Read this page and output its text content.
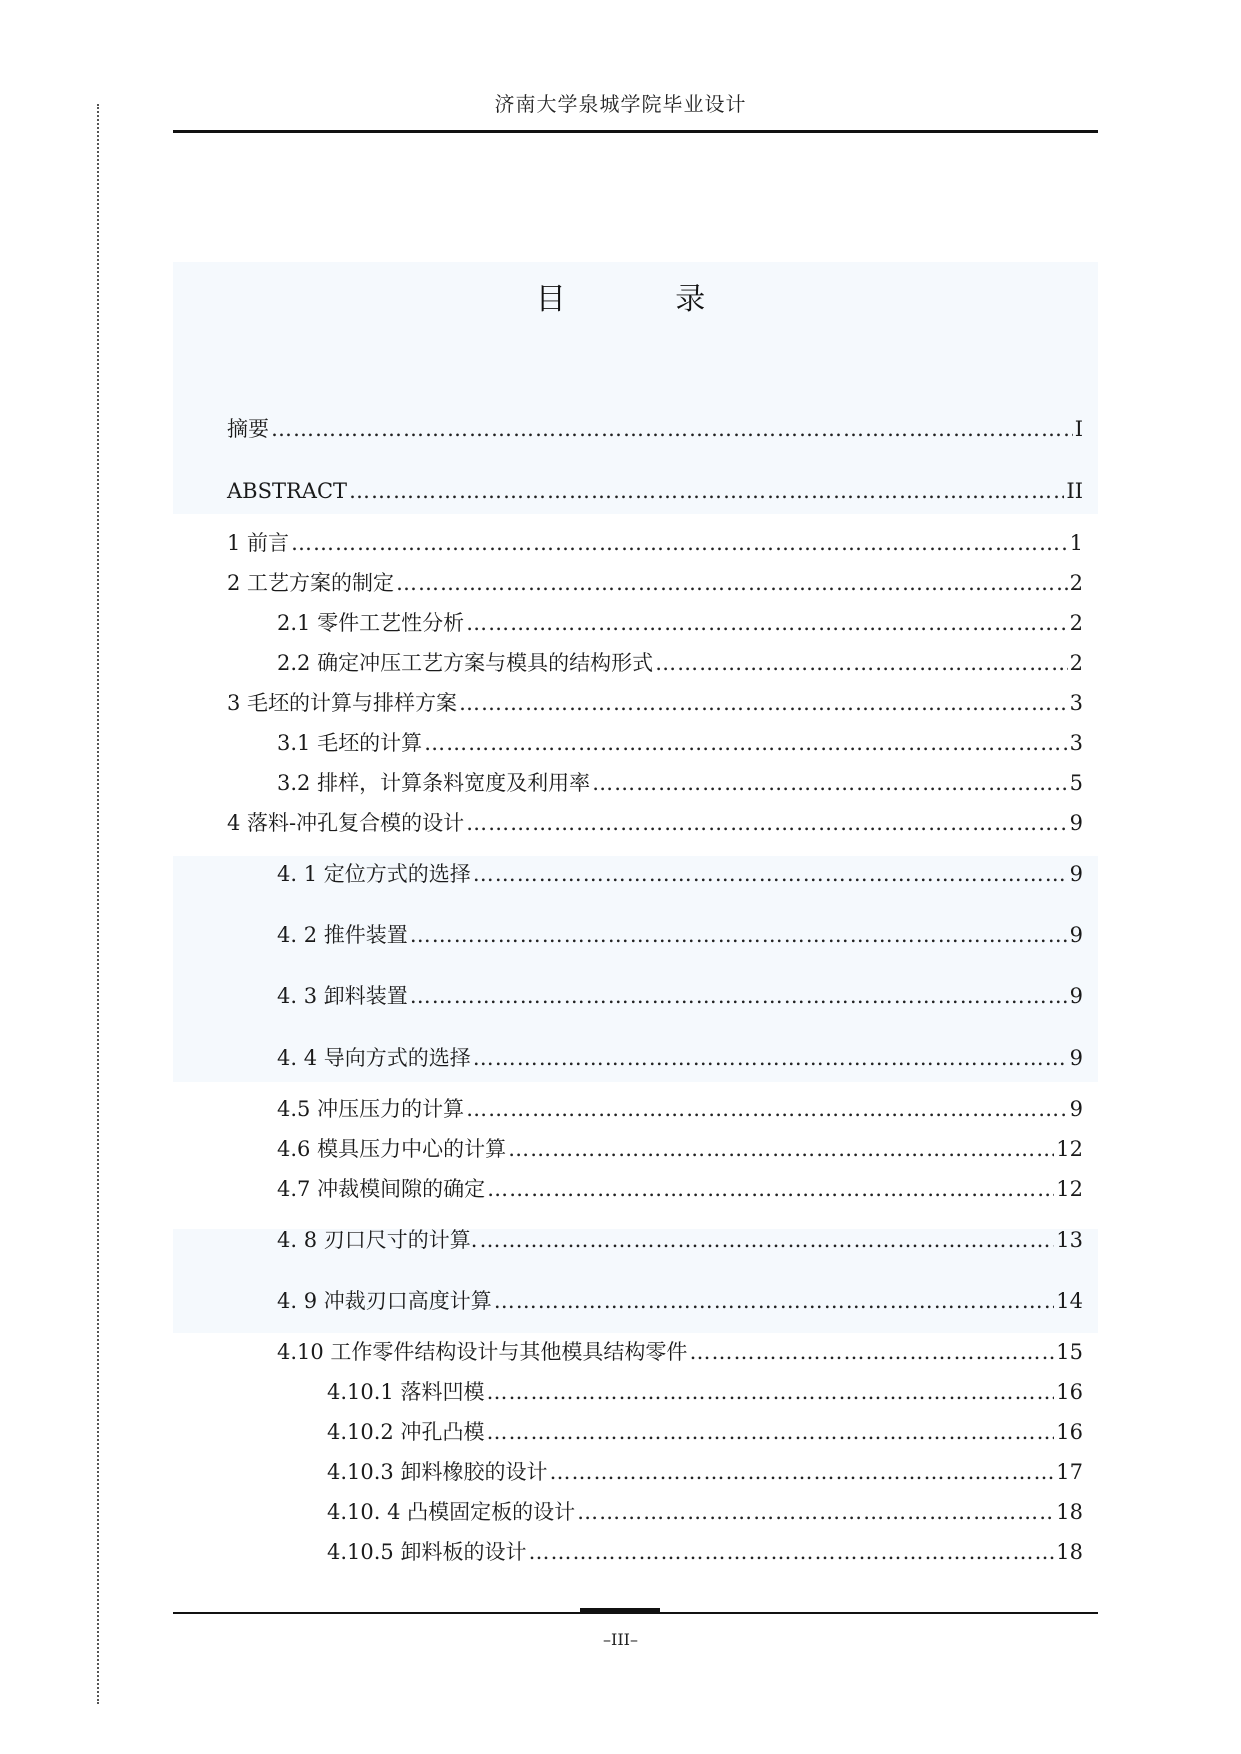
济南大学泉城学院毕业设计
目 录
摘要 …………………………………………………………………………………………………………………………………………………………………………………………………………………………………	I
ABSTRACT …………………………………………………………………………………………………………………………………………………………………………………………………………………………………	II
1 前言 …………………………………………………………………………………………………………………………………………………………………………………………………………………………………	1
2 工艺方案的制定 …………………………………………………………………………………………………………………………………………………………………………………………………………………………………	2
2.1 零件工艺性分析 …………………………………………………………………………………………………………………………………………………………………………………………………………………………………	2
2.2 确定冲压工艺方案与模具的结构形式 …………………………………………………………………………………………………………………………………………………………………………………………………………………………………	2
3 毛坯的计算与排样方案 …………………………………………………………………………………………………………………………………………………………………………………………………………………………………	3
3.1 毛坯的计算 …………………………………………………………………………………………………………………………………………………………………………………………………………………………………	3
3.2 排样，计算条料宽度及利用率 …………………………………………………………………………………………………………………………………………………………………………………………………………………………………	5
4 落料-冲孔复合模的设计 …………………………………………………………………………………………………………………………………………………………………………………………………………………………………	9
4. 1 定位方式的选择 …………………………………………………………………………………………………………………………………………………………………………………………………………………………………	9
4. 2 推件装置 …………………………………………………………………………………………………………………………………………………………………………………………………………………………………	9
4. 3 卸料装置 …………………………………………………………………………………………………………………………………………………………………………………………………………………………………	9
4. 4 导向方式的选择 …………………………………………………………………………………………………………………………………………………………………………………………………………………………………	9
4.5 冲压压力的计算 …………………………………………………………………………………………………………………………………………………………………………………………………………………………………	9
4.6 模具压力中心的计算 …………………………………………………………………………………………………………………………………………………………………………………………………………………………………	12
4.7 冲裁模间隙的确定 …………………………………………………………………………………………………………………………………………………………………………………………………………………………………	12
4. 8 刃口尺寸的计算. …………………………………………………………………………………………………………………………………………………………………………………………………………………………………	13
4. 9 冲裁刃口高度计算 …………………………………………………………………………………………………………………………………………………………………………………………………………………………………	14
4.10 工作零件结构设计与其他模具结构零件 …………………………………………………………………………………………………………………………………………………………………………………………………………………………………	15
4.10.1 落料凹模 …………………………………………………………………………………………………………………………………………………………………………………………………………………………………	16
4.10.2 冲孔凸模 …………………………………………………………………………………………………………………………………………………………………………………………………………………………………	16
4.10.3 卸料橡胶的设计 …………………………………………………………………………………………………………………………………………………………………………………………………………………………………	17
4.10. 4 凸模固定板的设计 …………………………………………………………………………………………………………………………………………………………………………………………………………………………………	18
4.10.5 卸料板的设计 …………………………………………………………………………………………………………………………………………………………………………………………………………………………………	18
–III–
